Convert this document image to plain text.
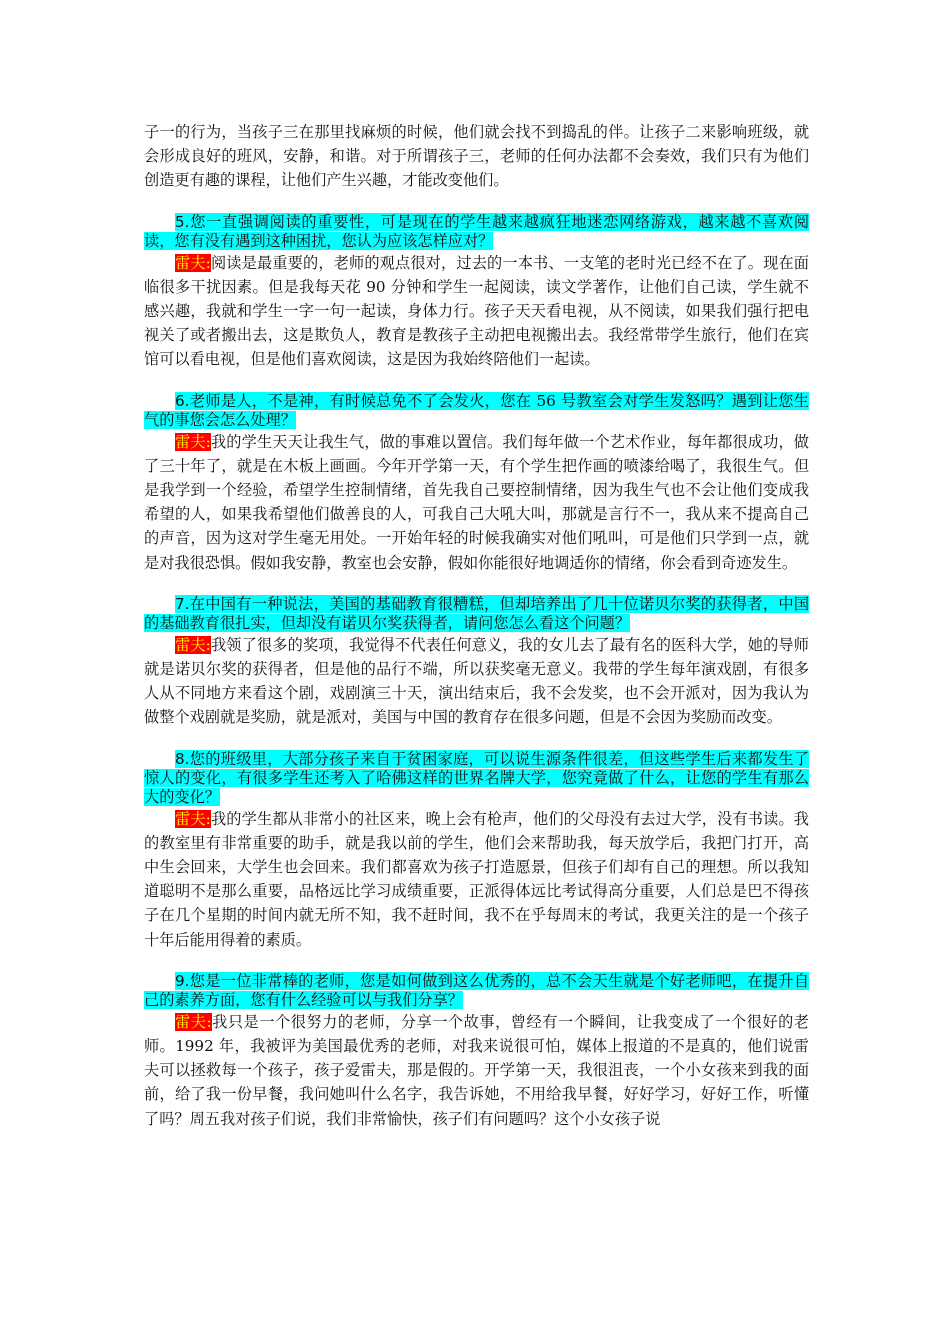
子一的行为，当孩子三在那里找麻烦的时候，他们就会找不到捣乱的伴。让孩子二来影响班级，就会形成良好的班风，安静，和谐。对于所谓孩子三，老师的任何办法都不会奏效，我们只有为他们创造更有趣的课程，让他们产生兴趣，才能改变他们。

5.您一直强调阅读的重要性，可是现在的学生越来越疯狂地迷恋网络游戏，越来越不喜欢阅读，您有没有遇到这种困扰，您认为应该怎样应对？

雷夫:阅读是最重要的，老师的观点很对，过去的一本书、一支笔的老时光已经不在了。现在面临很多干扰因素。但是我每天花 90 分钟和学生一起阅读，读文学著作，让他们自己读，学生就不感兴趣，我就和学生一字一句一起读，身体力行。孩子天天看电视，从不阅读，如果我们强行把电视关了或者搬出去，这是欺负人，教育是教孩子主动把电视搬出去。我经常带学生旅行，他们在宾馆可以看电视，但是他们喜欢阅读，这是因为我始终陪他们一起读。

6.老师是人，不是神，有时候总免不了会发火，您在 56 号教室会对学生发怒吗？遇到让您生气的事您会怎么处理？

雷夫:我的学生天天让我生气，做的事难以置信。我们每年做一个艺术作业，每年都很成功，做了三十年了，就是在木板上画画。今年开学第一天，有个学生把作画的喷漆给喝了，我很生气。但是我学到一个经验，希望学生控制情绪，首先我自己要控制情绪，因为我生气也不会让他们变成我希望的人，如果我希望他们做善良的人，可我自己大吼大叫，那就是言行不一，我从来不提高自己的声音，因为这对学生毫无用处。一开始年轻的时候我确实对他们吼叫，可是他们只学到一点，就是对我很恐惧。假如我安静，教室也会安静，假如你能很好地调适你的情绪，你会看到奇迹发生。

7.在中国有一种说法，美国的基础教育很糟糕，但却培养出了几十位诺贝尔奖的获得者，中国的基础教育很扎实，但却没有诺贝尔奖获得者，请问您怎么看这个问题？

雷夫:我领了很多的奖项，我觉得不代表任何意义，我的女儿去了最有名的医科大学，她的导师就是诺贝尔奖的获得者，但是他的品行不端，所以获奖毫无意义。我带的学生每年演戏剧，有很多人从不同地方来看这个剧，戏剧演三十天，演出结束后，我不会发奖，也不会开派对，因为我认为做整个戏剧就是奖励，就是派对，美国与中国的教育存在很多问题，但是不会因为奖励而改变。

8.您的班级里，大部分孩子来自于贫困家庭，可以说生源条件很差，但这些学生后来都发生了惊人的变化，有很多学生还考入了哈佛这样的世界名牌大学，您究竟做了什么，让您的学生有那么大的变化？

雷夫:我的学生都从非常小的社区来，晚上会有枪声，他们的父母没有去过大学，没有书读。我的教室里有非常重要的助手，就是我以前的学生，他们会来帮助我，每天放学后，我把门打开，高中生会回来，大学生也会回来。我们都喜欢为孩子打造愿景，但孩子们却有自己的理想。所以我知道聪明不是那么重要，品格远比学习成绩重要，正派得体远比考试得高分重要，人们总是巴不得孩子在几个星期的时间内就无所不知，我不赶时间，我不在乎每周末的考试，我更关注的是一个孩子十年后能用得着的素质。

9.您是一位非常棒的老师，您是如何做到这么优秀的，总不会天生就是个好老师吧，在提升自己的素养方面，您有什么经验可以与我们分享？

雷夫:我只是一个很努力的老师，分享一个故事，曾经有一个瞬间，让我变成了一个很好的老师。1992 年，我被评为美国最优秀的老师，对我来说很可怕，媒体上报道的不是真的，他们说雷夫可以拯救每一个孩子，孩子爱雷夫，那是假的。开学第一天，我很沮丧，一个小女孩来到我的面前，给了我一份早餐，我问她叫什么名字，我告诉她，不用给我早餐，好好学习，好好工作，听懂了吗？周五我对孩子们说，我们非常愉快，孩子们有问题吗？这个小女孩子说
